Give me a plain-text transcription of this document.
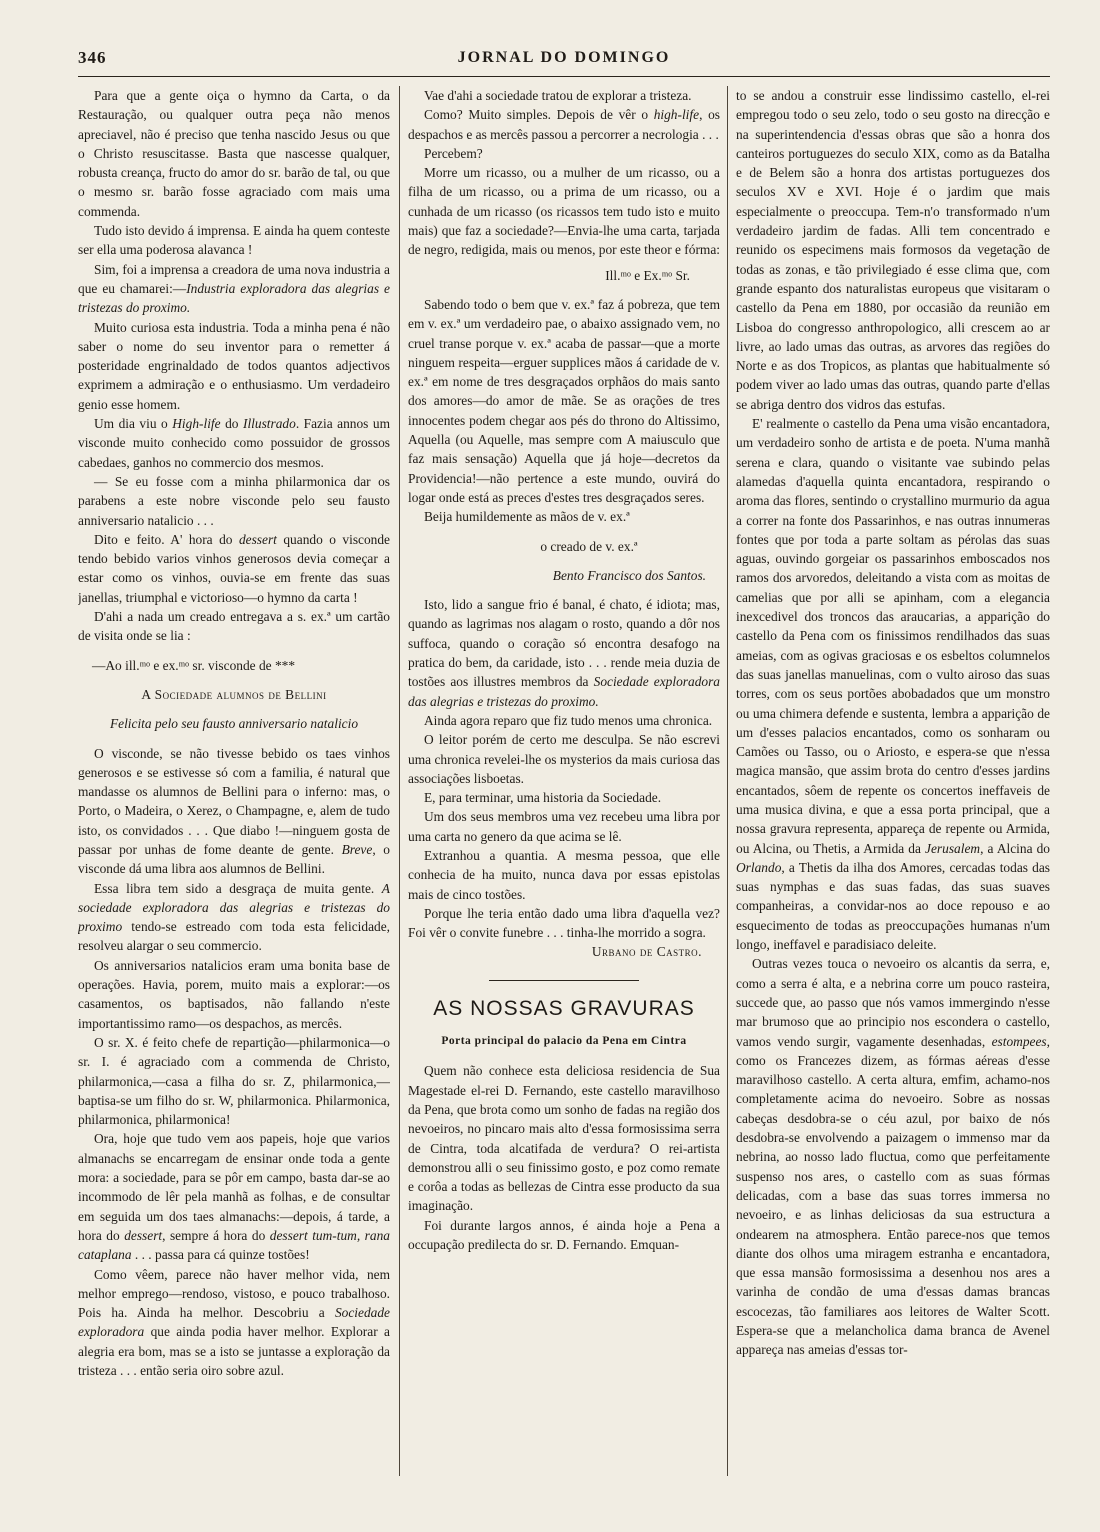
346	JORNAL DO DOMINGO

Para que a gente oiça o hymno da Carta, o da Restauração, ou qualquer outra peça não menos apreciavel, não é preciso que tenha nascido Jesus ou que o Christo resuscitasse. Basta que nascesse qualquer, robusta creança, fructo do amor do sr. barão de tal, ou que o mesmo sr. barão fosse agraciado com mais uma commenda.

Tudo isto devido á imprensa. E ainda ha quem conteste ser ella uma poderosa alavanca !

Sim, foi a imprensa a creadora de uma nova industria a que eu chamarei:—Industria exploradora das alegrias e tristezas do proximo.

Muito curiosa esta industria. Toda a minha pena é não saber o nome do seu inventor para o remetter á posteridade engrinaldado de todos quantos adjectivos exprimem a admiração e o enthusiasmo. Um verdadeiro genio esse homem.

Um dia viu o High-life do Illustrado. Fazia annos um visconde muito conhecido como possuidor de grossos cabedaes, ganhos no commercio dos mesmos.

— Se eu fosse com a minha philarmonica dar os parabens a este nobre visconde pelo seu fausto anniversario natalicio . . .

Dito e feito. A' hora do dessert quando o visconde tendo bebido varios vinhos generosos devia começar a estar como os vinhos, ouvia-se em frente das suas janellas, triumphal e victorioso—o hymno da carta !

D'ahi a nada um creado entregava a s. ex.ª um cartão de visita onde se lia :

—Ao ill.ᵐᵒ e ex.ᵐᵒ sr. visconde de ***

A Sociedade alumnos de Bellini

Felicita pelo seu fausto anniversario natalicio

O visconde, se não tivesse bebido os taes vinhos generosos e se estivesse só com a familia, é natural que mandasse os alumnos de Bellini para o inferno: mas, o Porto, o Madeira, o Xerez, o Champagne, e, alem de tudo isto, os convidados . . . Que diabo !—ninguem gosta de passar por unhas de fome deante de gente. Breve, o visconde dá uma libra aos alumnos de Bellini.

Essa libra tem sido a desgraça de muita gente. A sociedade exploradora das alegrias e tristezas do proximo tendo-se estreado com toda esta felicidade, resolveu alargar o seu commercio.

Os anniversarios natalicios eram uma bonita base de operações. Havia, porem, muito mais a explorar:—os casamentos, os baptisados, não fallando n'este importantissimo ramo—os despachos, as mercês.

O sr. X. é feito chefe de repartição—philarmonica—o sr. I. é agraciado com a commenda de Christo, philarmonica,—casa a filha do sr. Z, philarmonica,—baptisa-se um filho do sr. W, philarmonica. Philarmonica, philarmonica, philarmonica!

Ora, hoje que tudo vem aos papeis, hoje que varios almanachs se encarregam de ensinar onde toda a gente mora: a sociedade, para se pôr em campo, basta dar-se ao incommodo de lêr pela manhã as folhas, e de consultar em seguida um dos taes almanachs:—depois, á tarde, a hora do dessert, sempre á hora do dessert tum-tum, rana cataplana . . . passa para cá quinze tostões!

Como vêem, parece não haver melhor vida, nem melhor emprego—rendoso, vistoso, e pouco trabalhoso. Pois ha. Ainda ha melhor. Descobriu a Sociedade exploradora que ainda podia haver melhor. Explorar a alegria era bom, mas se a isto se juntasse a exploração da tristeza . . . então seria oiro sobre azul.

Vae d'ahi a sociedade tratou de explorar a tristeza.

Como? Muito simples. Depois de vêr o high-life, os despachos e as mercês passou a percorrer a necrologia . . .

Percebem?

Morre um ricasso, ou a mulher de um ricasso, ou a filha de um ricasso, ou a prima de um ricasso, ou a cunhada de um ricasso (os ricassos tem tudo isto e muito mais) que faz a sociedade?—Envia-lhe uma carta, tarjada de negro, redigida, mais ou menos, por este theor e fórma:

Ill.ᵐᵒ e Ex.ᵐᵒ Sr.

Sabendo todo o bem que v. ex.ª faz á pobreza, que tem em v. ex.ª um verdadeiro pae, o abaixo assignado vem, no cruel transe porque v. ex.ª acaba de passar—que a morte ninguem respeita—erguer supplices mãos á caridade de v. ex.ª em nome de tres desgraçados orphãos do mais santo dos amores—do amor de mãe. Se as orações de tres innocentes podem chegar aos pés do throno do Altissimo, Aquella (ou Aquelle, mas sempre com A maiusculo que faz mais sensação) Aquella que já hoje—decretos da Providencia!—não pertence a este mundo, ouvirá do logar onde está as preces d'estes tres desgraçados seres.

Beija humildemente as mãos de v. ex.ª

o creado de v. ex.ª

Bento Francisco dos Santos.

Isto, lido a sangue frio é banal, é chato, é idiota; mas, quando as lagrimas nos alagam o rosto, quando a dôr nos suffoca, quando o coração só encontra desafogo na pratica do bem, da caridade, isto . . . rende meia duzia de tostões aos illustres membros da Sociedade exploradora das alegrias e tristezas do proximo.

Ainda agora reparo que fiz tudo menos uma chronica.

O leitor porém de certo me desculpa. Se não escrevi uma chronica revelei-lhe os mysterios da mais curiosa das associações lisboetas.

E, para terminar, uma historia da Sociedade.

Um dos seus membros uma vez recebeu uma libra por uma carta no genero da que acima se lê.

Extranhou a quantia. A mesma pessoa, que elle conhecia de ha muito, nunca dava por essas epistolas mais de cinco tostões.

Porque lhe teria então dado uma libra d'aquella vez? Foi vêr o convite funebre . . . tinha-lhe morrido a sogra.

Urbano de Castro.

AS NOSSAS GRAVURAS
Porta principal do palacio da Pena em Cintra

Quem não conhece esta deliciosa residencia de Sua Magestade el-rei D. Fernando, este castello maravilhoso da Pena, que brota como um sonho de fadas na região dos nevoeiros, no pincaro mais alto d'essa formosissima serra de Cintra, toda alcatifada de verdura? O rei-artista demonstrou alli o seu finissimo gosto, e poz como remate e corôa a todas as bellezas de Cintra esse producto da sua imaginação.

Foi durante largos annos, é ainda hoje a Pena a occupação predilecta do sr. D. Fernando. Emquan-

to se andou a construir esse lindissimo castello, el-rei empregou todo o seu zelo, todo o seu gosto na direcção e na superintendencia d'essas obras que são a honra dos canteiros portuguezes do seculo XIX, como as da Batalha e de Belem são a honra dos artistas portuguezes dos seculos XV e XVI. Hoje é o jardim que mais especialmente o preoccupa. Tem-n'o transformado n'um verdadeiro jardim de fadas. Alli tem concentrado e reunido os especimens mais formosos da vegetação de todas as zonas, e tão privilegiado é esse clima que, com grande espanto dos naturalistas europeus que visitaram o castello da Pena em 1880, por occasião da reunião em Lisboa do congresso anthropologico, alli crescem ao ar livre, ao lado umas das outras, as arvores das regiões do Norte e as dos Tropicos, as plantas que habitualmente só podem viver ao lado umas das outras, quando parte d'ellas se abriga dentro dos vidros das estufas.

E' realmente o castello da Pena uma visão encantadora, um verdadeiro sonho de artista e de poeta. N'uma manhã serena e clara, quando o visitante vae subindo pelas alamedas d'aquella quinta encantadora, respirando o aroma das flores, sentindo o crystallino murmurio da agua a correr na fonte dos Passarinhos, e nas outras innumeras fontes que por toda a parte soltam as pérolas das suas aguas, ouvindo gorgeiar os passarinhos emboscados nos ramos dos arvoredos, deleitando a vista com as moitas de camelias que por alli se apinham, com a elegancia inexcedivel dos troncos das araucarias, a apparição do castello da Pena com os finissimos rendilhados das suas ameias, com as ogivas graciosas e os esbeltos columnelos das suas janellas manuelinas, com o vulto airoso das suas torres, com os seus portões abobadados que um monstro ou uma chimera defende e sustenta, lembra a apparição de um d'esses palacios encantados, como os sonharam ou Camões ou Tasso, ou o Ariosto, e espera-se que n'essa magica mansão, que assim brota do centro d'esses jardins encantados, sôem de repente os concertos ineffaveis de uma musica divina, e que a essa porta principal, que a nossa gravura representa, appareça de repente ou Armida, ou Alcina, ou Thetis, a Armida da Jerusalem, a Alcina do Orlando, a Thetis da ilha dos Amores, cercadas todas das suas nymphas e das suas fadas, das suas suaves companheiras, a convidar-nos ao doce repouso e ao esquecimento de todas as preoccupações humanas n'um longo, ineffavel e paradisiaco deleite.

Outras vezes touca o nevoeiro os alcantis da serra, e, como a serra é alta, e a nebrina corre um pouco rasteira, succede que, ao passo que nós vamos immergindo n'esse mar brumoso que ao principio nos escondera o castello, vamos vendo surgir, vagamente desenhadas, estompees, como os Francezes dizem, as fórmas aéreas d'esse maravilhoso castello. A certa altura, emfim, achamo-nos completamente acima do nevoeiro. Sobre as nossas cabeças desdobra-se o céu azul, por baixo de nós desdobra-se envolvendo a paizagem o immenso mar da nebrina, ao nosso lado fluctua, como que perfeitamente suspenso nos ares, o castello com as suas fórmas delicadas, com a base das suas torres immersa no nevoeiro, e as linhas deliciosas da sua estructura a ondearem na atmosphera. Então parece-nos que temos diante dos olhos uma miragem estranha e encantadora, que essa mansão formosissima a desenhou nos ares a varinha de condão de uma d'essas damas brancas escocezas, tão familiares aos leitores de Walter Scott. Espera-se que a melancholica dama branca de Avenel appareça nas ameias d'essas tor-
